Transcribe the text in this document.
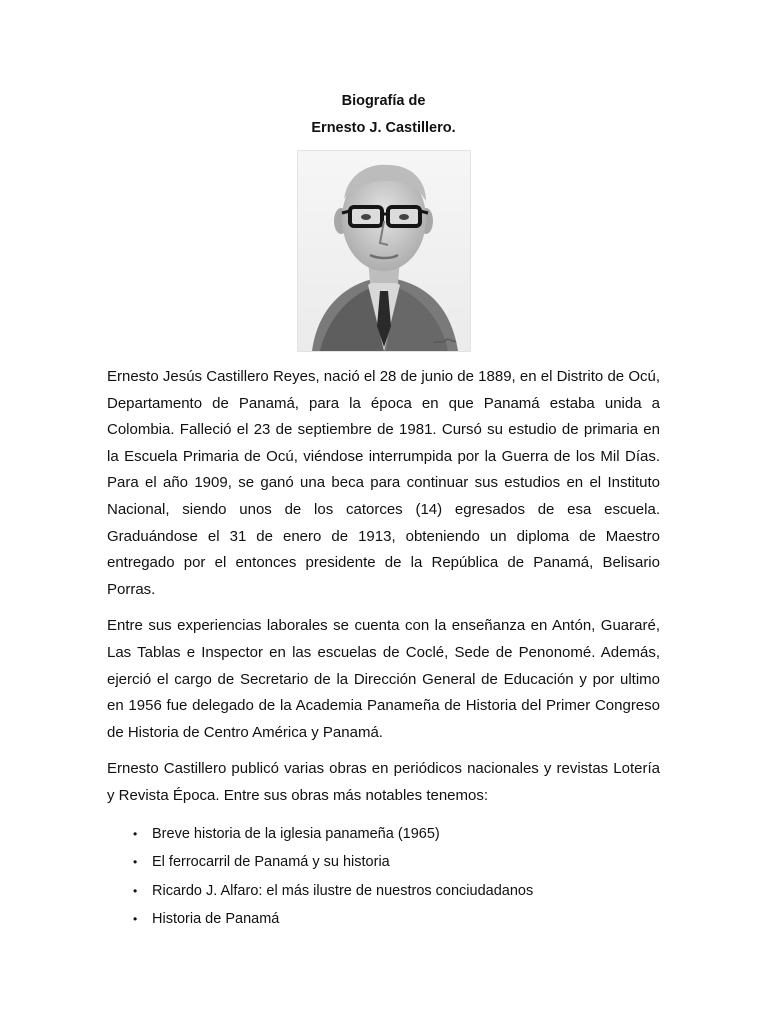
Biografía de
Ernesto J. Castillero.

Ernesto Jesús Castillero Reyes, nació el 28 de junio de 1889, en el Distrito de Ocú, Departamento de Panamá, para la época en que Panamá estaba unida a Colombia. Falleció el 23 de septiembre de 1981. Cursó su estudio de primaria en la Escuela Primaria de Ocú, viéndose interrumpida por la Guerra de los Mil Días. Para el año 1909, se ganó una beca para continuar sus estudios en el Instituto Nacional, siendo unos de los catorces (14) egresados de esa escuela. Graduándose el 31 de enero de 1913, obteniendo un diploma de Maestro entregado por el entonces presidente de la República de Panamá, Belisario Porras.

Entre sus experiencias laborales se cuenta con la enseñanza en Antón, Guararé, Las Tablas e Inspector en las escuelas de Coclé, Sede de Penonomé. Además, ejerció el cargo de Secretario de la Dirección General de Educación y por ultimo en 1956 fue delegado de la Academia Panameña de Historia del Primer Congreso de Historia de Centro América y Panamá.

Ernesto Castillero publicó varias obras en periódicos nacionales y revistas Lotería y Revista Época. Entre sus obras más notables tenemos:

• Breve historia de la iglesia panameña (1965)
• El ferrocarril de Panamá y su historia
• Ricardo J. Alfaro: el más ilustre de nuestros conciudadanos
• Historia de Panamá
